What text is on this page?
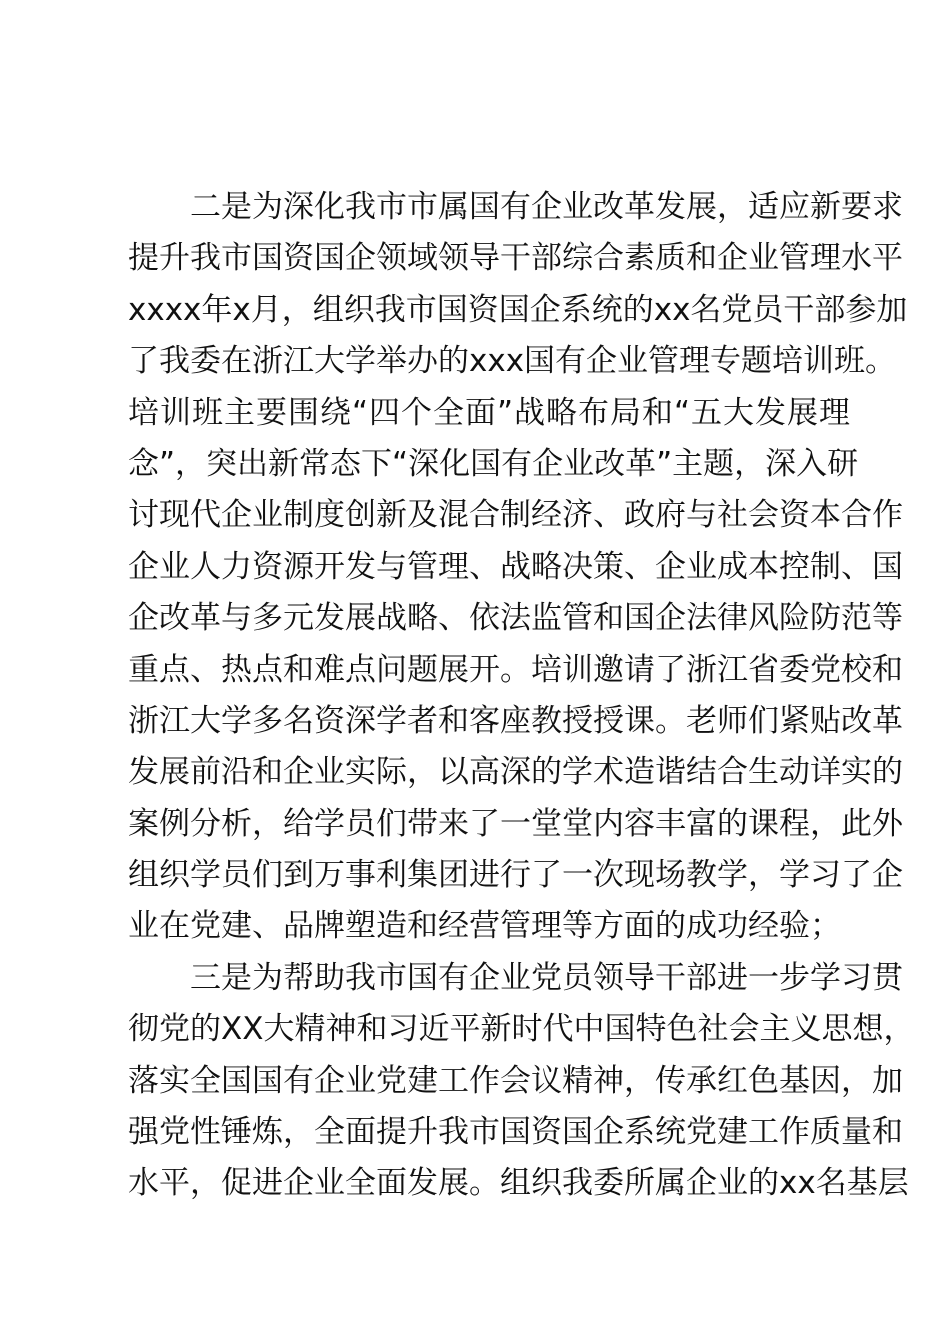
二是为深化我市市属国有企业改革发展，适应新要求
提升我市国资国企领域领导干部综合素质和企业管理水平
xxxx年x月，组织我市国资国企系统的xx名党员干部参加
了我委在浙江大学举办的xxx国有企业管理专题培训班。
培训班主要围绕“四个全面”战略布局和“五大发展理
念”，突出新常态下“深化国有企业改革”主题，深入研
讨现代企业制度创新及混合制经济、政府与社会资本合作
企业人力资源开发与管理、战略决策、企业成本控制、国
企改革与多元发展战略、依法监管和国企法律风险防范等
重点、热点和难点问题展开。培训邀请了浙江省委党校和
浙江大学多名资深学者和客座教授授课。老师们紧贴改革
发展前沿和企业实际，以高深的学术造谐结合生动详实的
案例分析，给学员们带来了一堂堂内容丰富的课程，此外
组织学员们到万事利集团进行了一次现场教学，学习了企
业在党建、品牌塑造和经营管理等方面的成功经验；
三是为帮助我市国有企业党员领导干部进一步学习贯
彻党的XX大精神和习近平新时代中国特色社会主义思想，
落实全国国有企业党建工作会议精神，传承红色基因，加
强党性锤炼，全面提升我市国资国企系统党建工作质量和
水平，促进企业全面发展。组织我委所属企业的xx名基层
